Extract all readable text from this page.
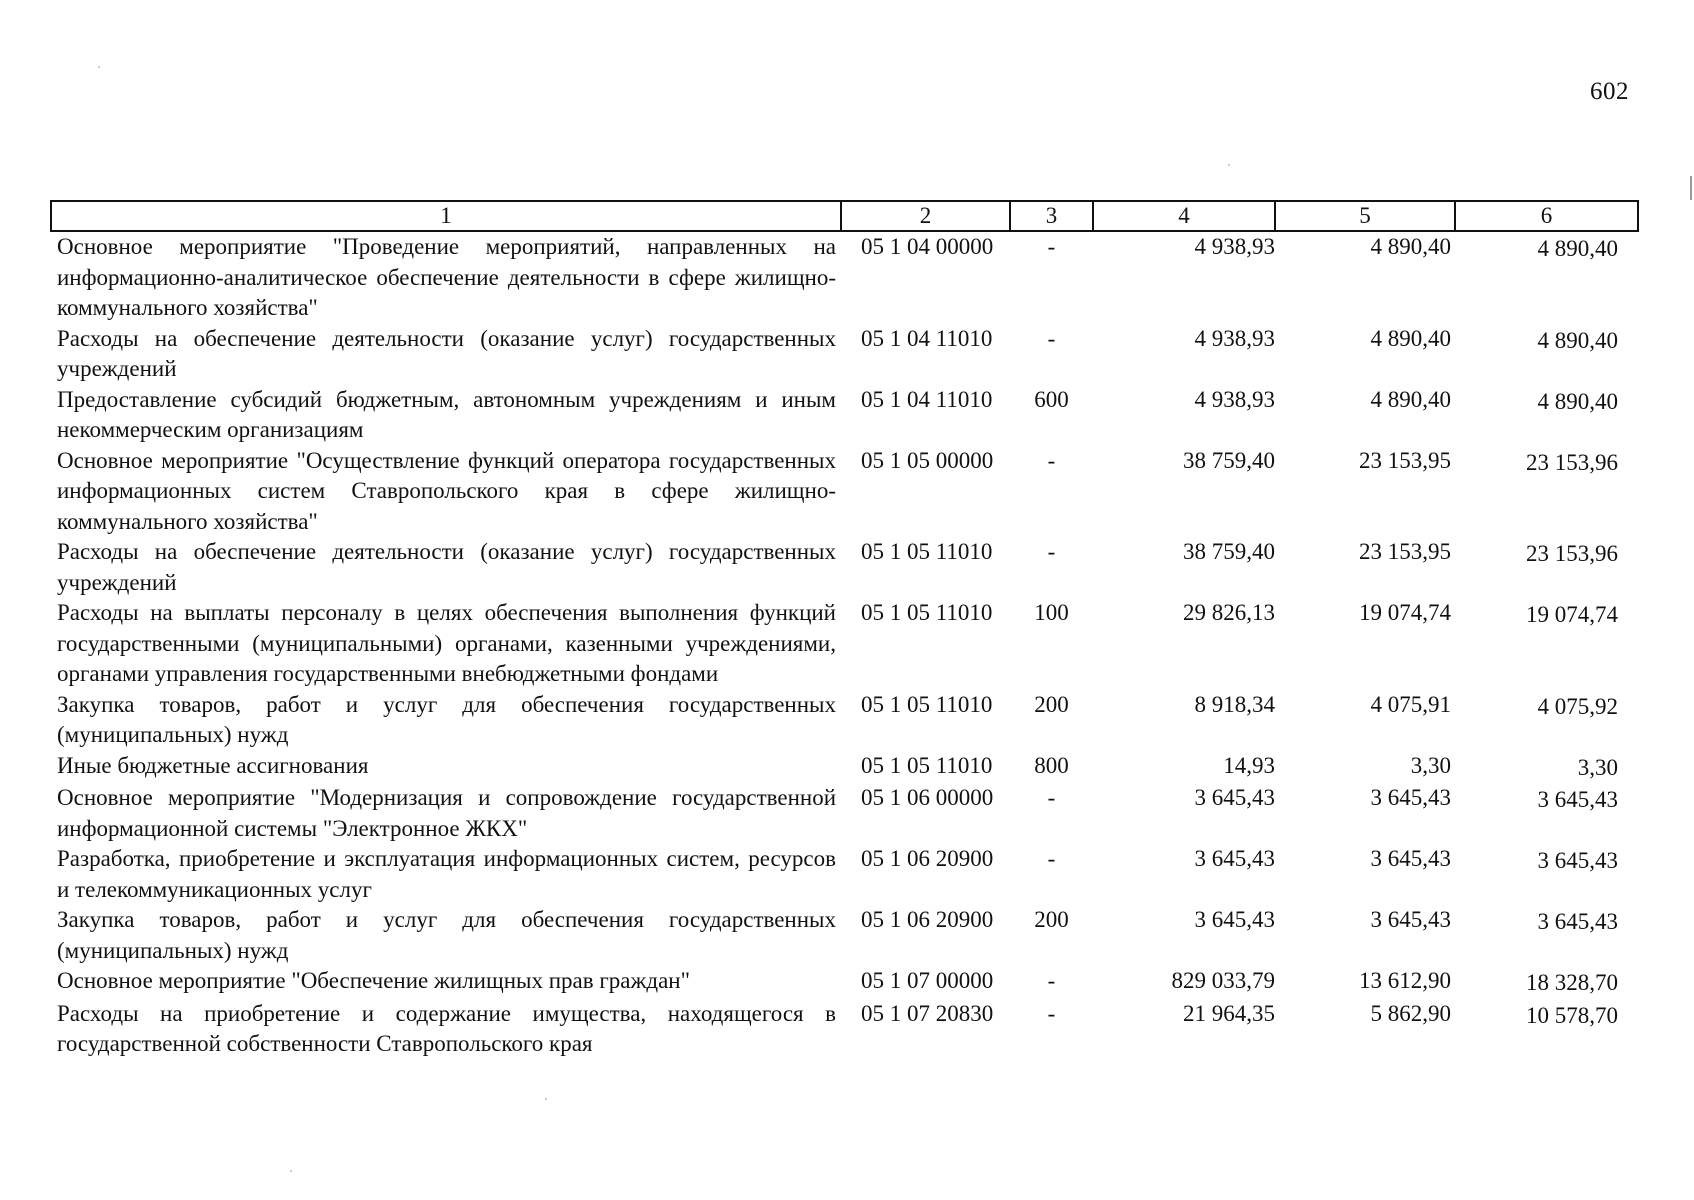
602
1	2	3	4	5	6
Основное мероприятие "Проведение мероприятий, направленных на информационно-аналитическое обеспечение деятельности в сфере жилищно-коммунального хозяйства"	05 1 04 00000	-	4 938,93	4 890,40	4 890,40
Расходы на обеспечение деятельности (оказание услуг) государственных учреждений	05 1 04 11010	-	4 938,93	4 890,40	4 890,40
Предоставление субсидий бюджетным, автономным учреждениям и иным некоммерческим организациям	05 1 04 11010	600	4 938,93	4 890,40	4 890,40
Основное мероприятие "Осуществление функций оператора государственных информационных систем Ставропольского края в сфере жилищно-коммунального хозяйства"	05 1 05 00000	-	38 759,40	23 153,95	23 153,96
Расходы на обеспечение деятельности (оказание услуг) государственных учреждений	05 1 05 11010	-	38 759,40	23 153,95	23 153,96
Расходы на выплаты персоналу в целях обеспечения выполнения функций государственными (муниципальными) органами, казенными учреждениями, органами управления государственными внебюджетными фондами	05 1 05 11010	100	29 826,13	19 074,74	19 074,74
Закупка товаров, работ и услуг для обеспечения государственных (муниципальных) нужд	05 1 05 11010	200	8 918,34	4 075,91	4 075,92
Иные бюджетные ассигнования	05 1 05 11010	800	14,93	3,30	3,30
Основное мероприятие "Модернизация и сопровождение государственной информационной системы "Электронное ЖКХ"	05 1 06 00000	-	3 645,43	3 645,43	3 645,43
Разработка, приобретение и эксплуатация информационных систем, ресурсов и телекоммуникационных услуг	05 1 06 20900	-	3 645,43	3 645,43	3 645,43
Закупка товаров, работ и услуг для обеспечения государственных (муниципальных) нужд	05 1 06 20900	200	3 645,43	3 645,43	3 645,43
Основное мероприятие "Обеспечение жилищных прав граждан"	05 1 07 00000	-	829 033,79	13 612,90	18 328,70
Расходы на приобретение и содержание имущества, находящегося в государственной собственности Ставропольского края	05 1 07 20830	-	21 964,35	5 862,90	10 578,70
